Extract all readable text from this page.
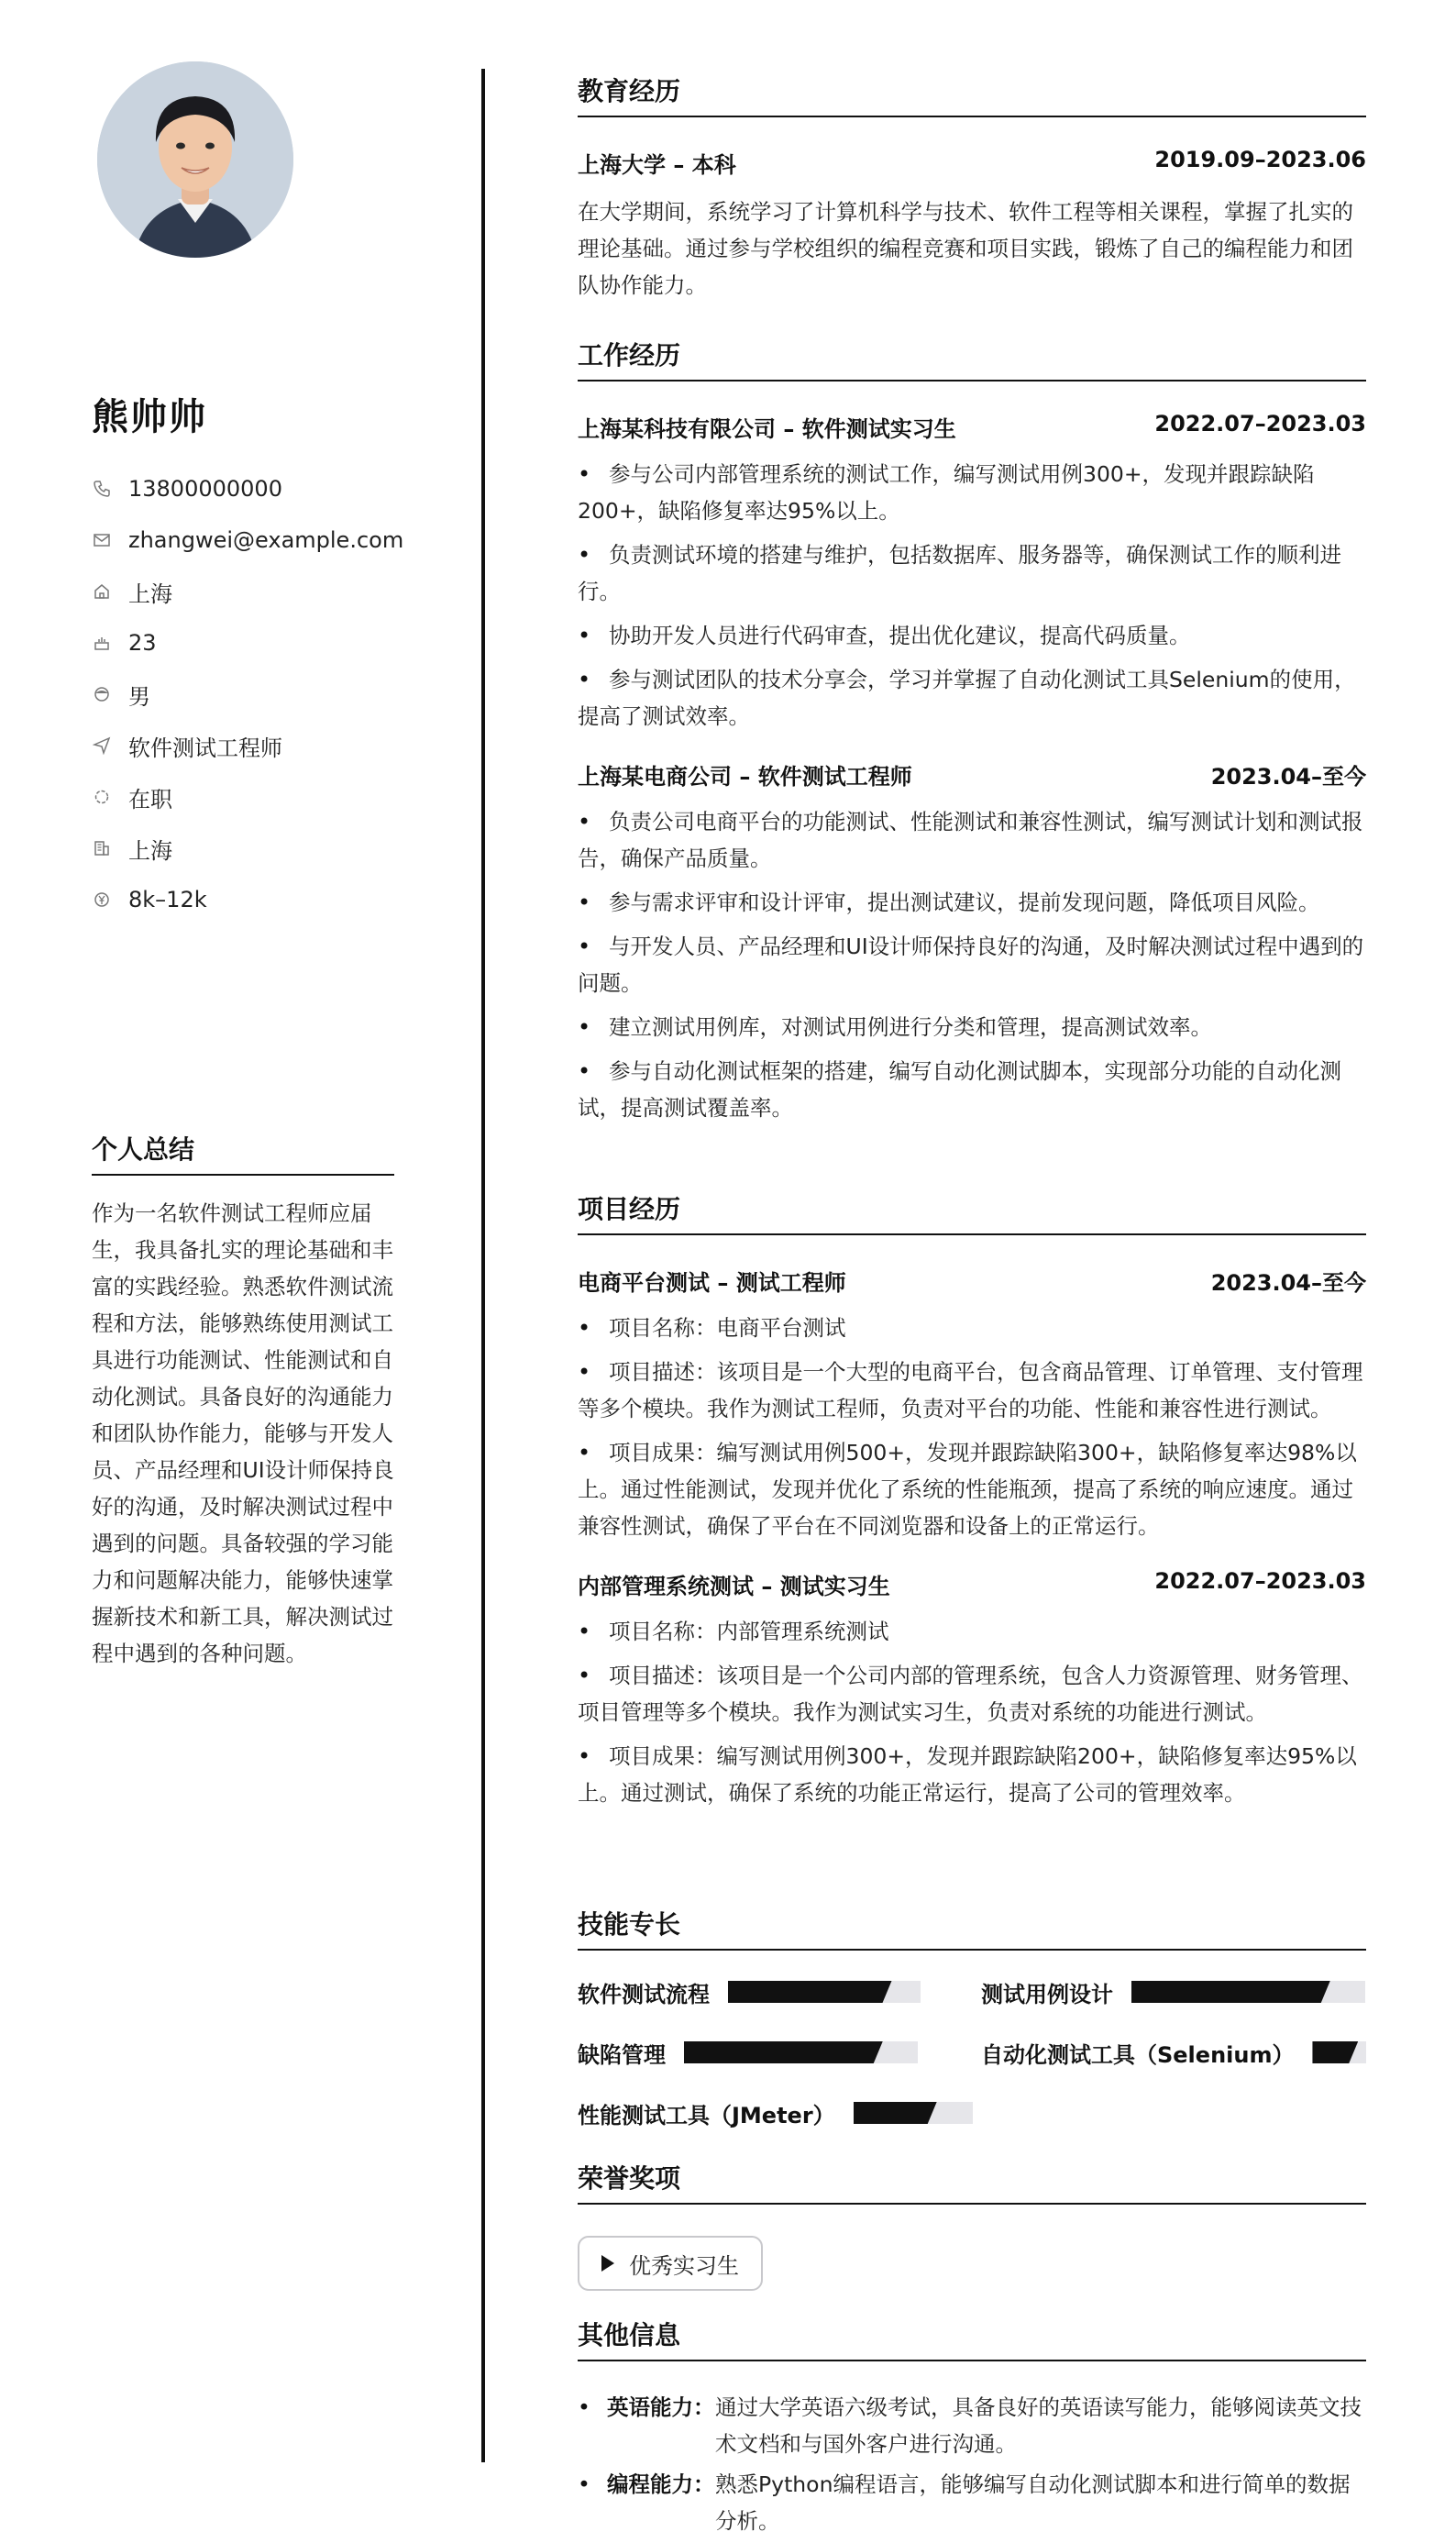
熊帅帅
13800000000
zhangwei@example.com
上海
23
男
软件测试工程师
在职
上海
8k–12k
个人总结
作为一名软件测试工程师应届生，我具备扎实的理论基础和丰富的实践经验。熟悉软件测试流程和方法，能够熟练使用测试工具进行功能测试、性能测试和自动化测试。具备良好的沟通能力和团队协作能力，能够与开发人员、产品经理和UI设计师保持良好的沟通，及时解决测试过程中遇到的问题。具备较强的学习能力和问题解决能力，能够快速掌握新技术和新工具，解决测试过程中遇到的各种问题。
教育经历
上海大学 – 本科	2019.09–2023.06
在大学期间，系统学习了计算机科学与技术、软件工程等相关课程，掌握了扎实的理论基础。通过参与学校组织的编程竞赛和项目实践，锻炼了自己的编程能力和团队协作能力。
工作经历
上海某科技有限公司 – 软件测试实习生	2022.07–2023.03
• 参与公司内部管理系统的测试工作，编写测试用例300+，发现并跟踪缺陷200+，缺陷修复率达95%以上。
• 负责测试环境的搭建与维护，包括数据库、服务器等，确保测试工作的顺利进行。
• 协助开发人员进行代码审查，提出优化建议，提高代码质量。
• 参与测试团队的技术分享会，学习并掌握了自动化测试工具Selenium的使用，提高了测试效率。
上海某电商公司 – 软件测试工程师	2023.04–至今
• 负责公司电商平台的功能测试、性能测试和兼容性测试，编写测试计划和测试报告，确保产品质量。
• 参与需求评审和设计评审，提出测试建议，提前发现问题，降低项目风险。
• 与开发人员、产品经理和UI设计师保持良好的沟通，及时解决测试过程中遇到的问题。
• 建立测试用例库，对测试用例进行分类和管理，提高测试效率。
• 参与自动化测试框架的搭建，编写自动化测试脚本，实现部分功能的自动化测试，提高测试覆盖率。
项目经历
电商平台测试 – 测试工程师	2023.04–至今
• 项目名称：电商平台测试
• 项目描述：该项目是一个大型的电商平台，包含商品管理、订单管理、支付管理等多个模块。我作为测试工程师，负责对平台的功能、性能和兼容性进行测试。
• 项目成果：编写测试用例500+，发现并跟踪缺陷300+，缺陷修复率达98%以上。通过性能测试，发现并优化了系统的性能瓶颈，提高了系统的响应速度。通过兼容性测试，确保了平台在不同浏览器和设备上的正常运行。
内部管理系统测试 – 测试实习生	2022.07–2023.03
• 项目名称：内部管理系统测试
• 项目描述：该项目是一个公司内部的管理系统，包含人力资源管理、财务管理、项目管理等多个模块。我作为测试实习生，负责对系统的功能进行测试。
• 项目成果：编写测试用例300+，发现并跟踪缺陷200+，缺陷修复率达95%以上。通过测试，确保了系统的功能正常运行，提高了公司的管理效率。
技能专长
软件测试流程	测试用例设计
缺陷管理	自动化测试工具（Selenium）
性能测试工具（JMeter）
荣誉奖项
优秀实习生
其他信息
• 英语能力： 通过大学英语六级考试，具备良好的英语读写能力，能够阅读英文技术文档和与国外客户进行沟通。
• 编程能力： 熟悉Python编程语言，能够编写自动化测试脚本和进行简单的数据分析。
